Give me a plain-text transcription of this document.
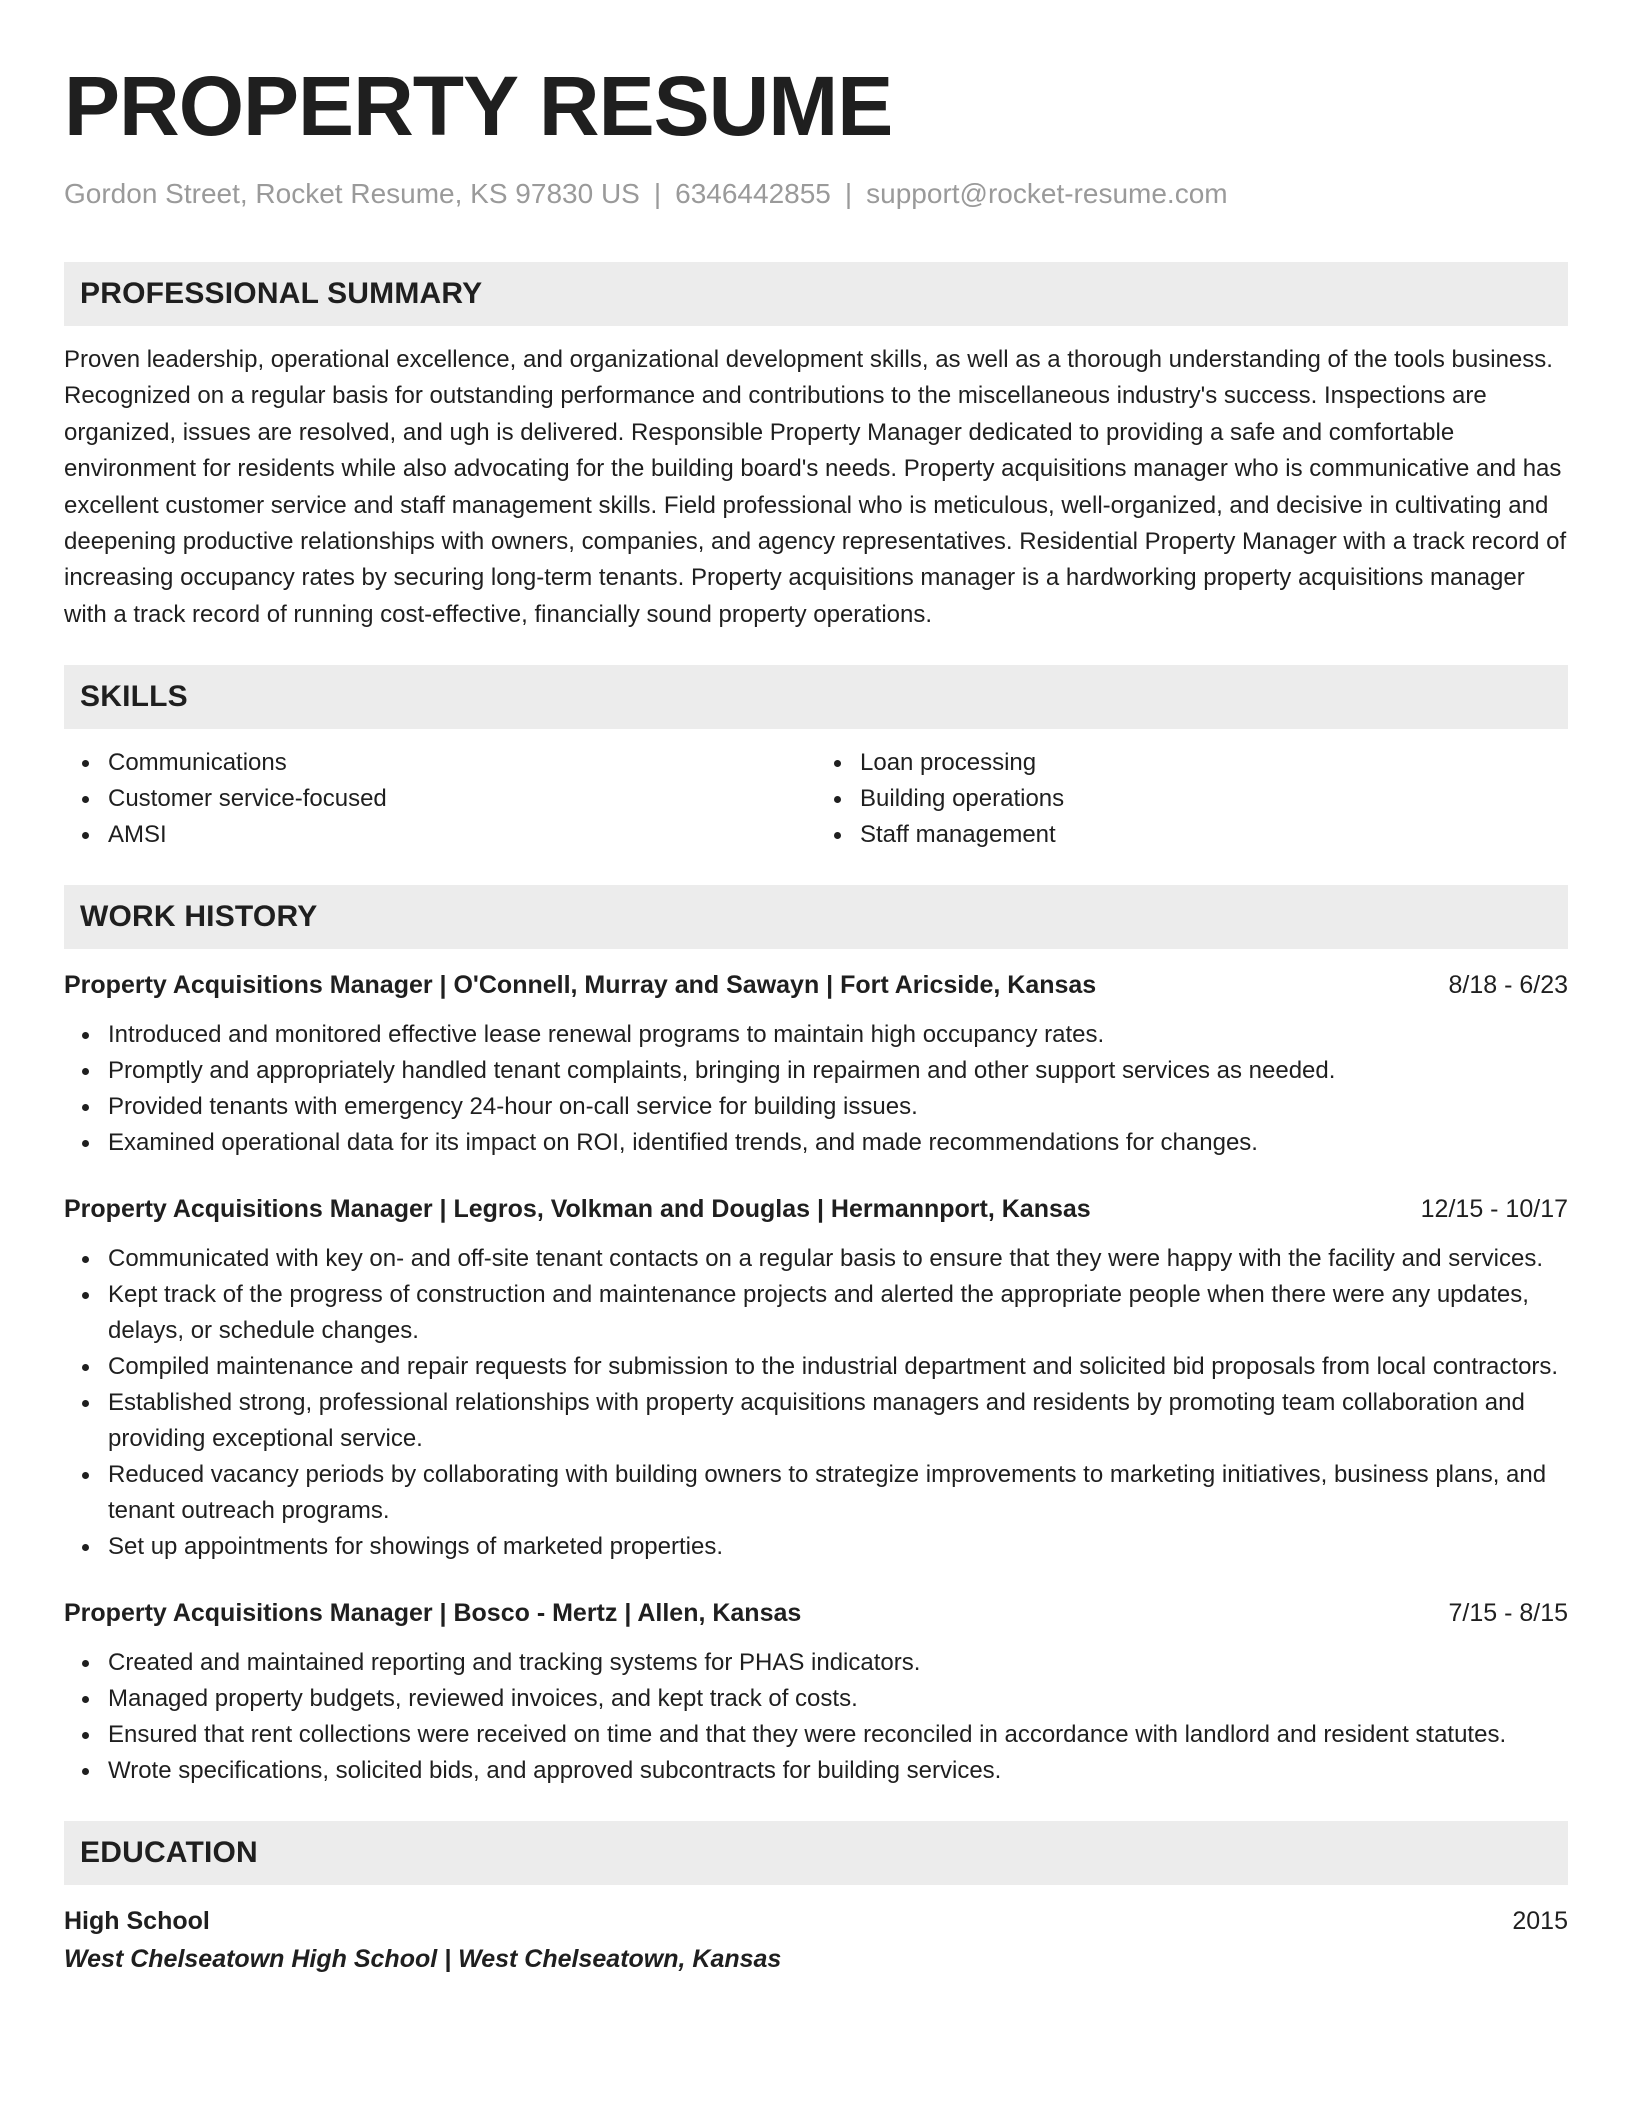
PROPERTY RESUME
Gordon Street, Rocket Resume, KS 97830 US | 6346442855 | support@rocket-resume.com
PROFESSIONAL SUMMARY

Proven leadership, operational excellence, and organizational development skills, as well as a thorough understanding of the tools business. Recognized on a regular basis for outstanding performance and contributions to the miscellaneous industry's success. Inspections are organized, issues are resolved, and ugh is delivered. Responsible Property Manager dedicated to providing a safe and comfortable environment for residents while also advocating for the building board's needs. Property acquisitions manager who is communicative and has excellent customer service and staff management skills. Field professional who is meticulous, well-organized, and decisive in cultivating and deepening productive relationships with owners, companies, and agency representatives. Residential Property Manager with a track record of increasing occupancy rates by securing long-term tenants. Property acquisitions manager is a hardworking property acquisitions manager with a track record of running cost-effective, financially sound property operations.

SKILLS
Communications
Customer service-focused
AMSI
Loan processing
Building operations
Staff management
WORK HISTORY
Property Acquisitions Manager | O'Connell, Murray and Sawayn | Fort Aricside, Kansas	8/18 - 6/23
Introduced and monitored effective lease renewal programs to maintain high occupancy rates.
Promptly and appropriately handled tenant complaints, bringing in repairmen and other support services as needed.
Provided tenants with emergency 24-hour on-call service for building issues.
Examined operational data for its impact on ROI, identified trends, and made recommendations for changes.
Property Acquisitions Manager | Legros, Volkman and Douglas | Hermannport, Kansas	12/15 - 10/17
Communicated with key on- and off-site tenant contacts on a regular basis to ensure that they were happy with the facility and services.
Kept track of the progress of construction and maintenance projects and alerted the appropriate people when there were any updates, delays, or schedule changes.
Compiled maintenance and repair requests for submission to the industrial department and solicited bid proposals from local contractors.
Established strong, professional relationships with property acquisitions managers and residents by promoting team collaboration and providing exceptional service.
Reduced vacancy periods by collaborating with building owners to strategize improvements to marketing initiatives, business plans, and tenant outreach programs.
Set up appointments for showings of marketed properties.
Property Acquisitions Manager | Bosco - Mertz | Allen, Kansas	7/15 - 8/15
Created and maintained reporting and tracking systems for PHAS indicators.
Managed property budgets, reviewed invoices, and kept track of costs.
Ensured that rent collections were received on time and that they were reconciled in accordance with landlord and resident statutes.
Wrote specifications, solicited bids, and approved subcontracts for building services.
EDUCATION
High School	2015
West Chelseatown High School | West Chelseatown, Kansas
